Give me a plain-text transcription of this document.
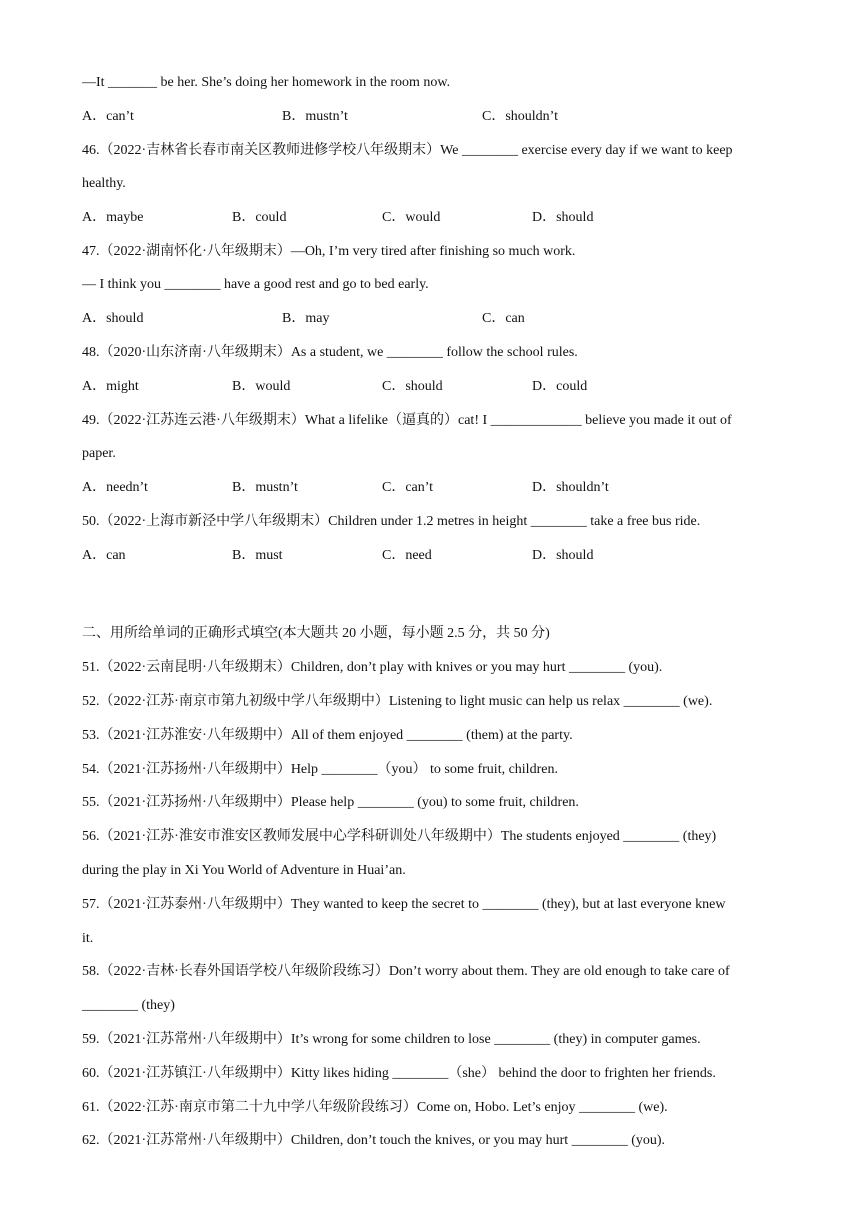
—It _______ be her. She’s doing her homework in the room now.
A．can’t	B．mustn’t	C．shouldn’t
46.（2022·吉林省长春市南关区教师进修学校八年级期末）We ________ exercise every day if we want to keep
healthy.
A．maybe	B．could	C．would	D．should
47.（2022·湖南怀化·八年级期末）—Oh, I’m very tired after finishing so much work.
— I think you ________ have a good rest and go to bed early.
A．should	B．may	C．can
48.（2020·山东济南·八年级期末）As a student, we ________ follow the school rules.
A．might	B．would	C．should	D．could
49.（2022·江苏连云港·八年级期末）What a lifelike（逼真的）cat! I _____________ believe you made it out of
paper.
A．needn’t	B．mustn’t	C．can’t	D．shouldn’t
50.（2022·上海市新泾中学八年级期末）Children under 1.2 metres in height ________ take a free bus ride.
A．can	B．must	C．need	D．should
二、用所给单词的正确形式填空(本大题共 20 小题，每小题 2.5 分，共 50 分)
51.（2022·云南昆明·八年级期末）Children, don’t play with knives or you may hurt ________ (you).
52.（2022·江苏·南京市第九初级中学八年级期中）Listening to light music can help us relax ________ (we).
53.（2021·江苏淮安·八年级期中）All of them enjoyed ________ (them) at the party.
54.（2021·江苏扬州·八年级期中）Help ________（you） to some fruit, children.
55.（2021·江苏扬州·八年级期中）Please help ________ (you) to some fruit, children.
56.（2021·江苏·淮安市淮安区教师发展中心学科研训处八年级期中）The students enjoyed ________ (they)
during the play in Xi You World of Adventure in Huai’an.
57.（2021·江苏泰州·八年级期中）They wanted to keep the secret to ________ (they), but at last everyone knew
it.
58.（2022·吉林·长春外国语学校八年级阶段练习）Don’t worry about them. They are old enough to take care of
________ (they)
59.（2021·江苏常州·八年级期中）It’s wrong for some children to lose ________ (they) in computer games.
60.（2021·江苏镇江·八年级期中）Kitty likes hiding ________（she） behind the door to frighten her friends.
61.（2022·江苏·南京市第二十九中学八年级阶段练习）Come on, Hobo. Let’s enjoy ________ (we).
62.（2021·江苏常州·八年级期中）Children, don’t touch the knives, or you may hurt ________ (you).
